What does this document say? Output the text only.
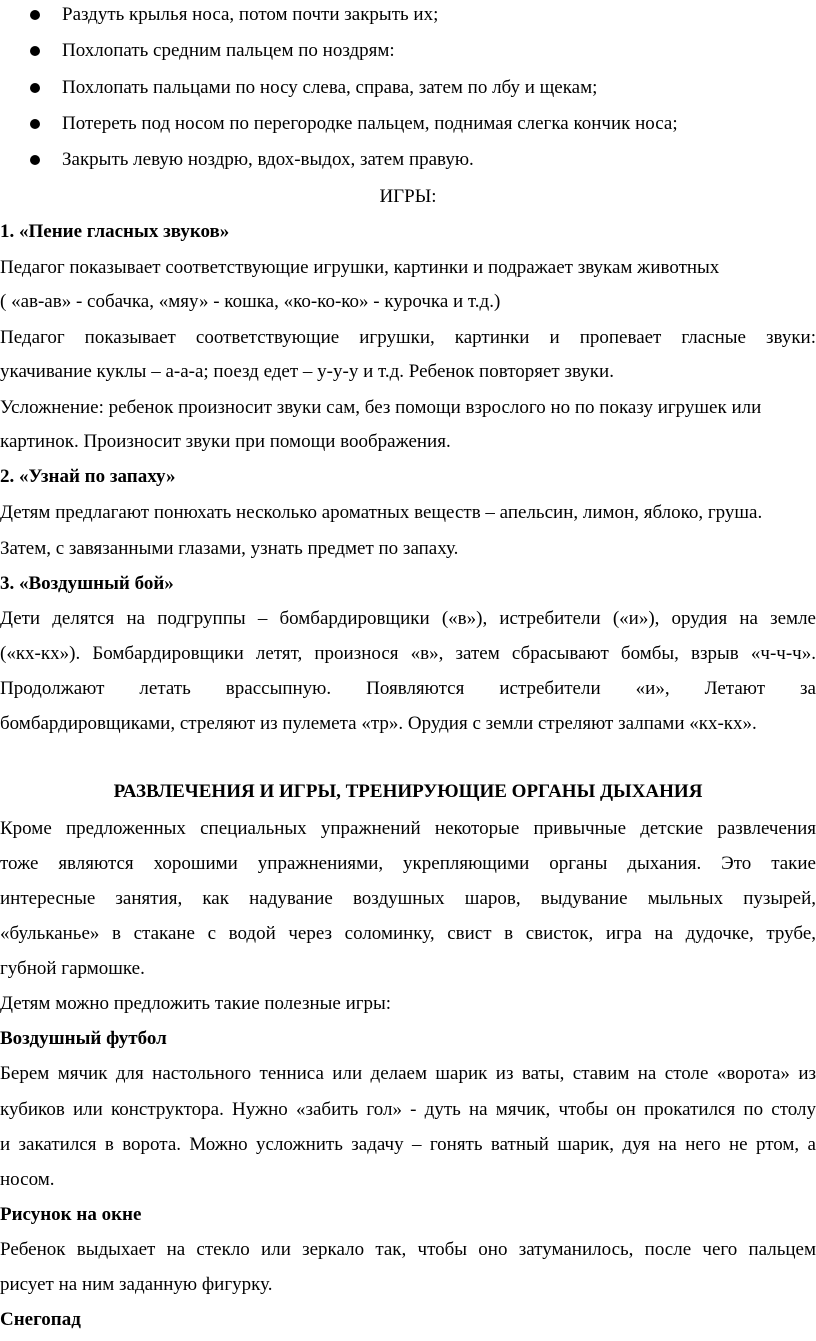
Раздуть крылья носа, потом почти закрыть их;
Похлопать средним пальцем по ноздрям:
Похлопать пальцами по носу слева, справа, затем по лбу и щекам;
Потереть под носом по перегородке пальцем, поднимая слегка кончик носа;
Закрыть левую ноздрю, вдох-выдох, затем правую.
ИГРЫ:
1. «Пение гласных звуков»
Педагог показывает соответствующие игрушки, картинки и подражает звукам животных
( «ав-ав» - собачка, «мяу» - кошка, «ко-ко-ко» - курочка и т.д.)
Педагог показывает соответствующие игрушки, картинки и пропевает гласные звуки:
укачивание куклы – а-а-а; поезд едет – у-у-у и т.д. Ребенок повторяет звуки.
Усложнение: ребенок произносит звуки сам, без помощи взрослого но по показу игрушек или
картинок. Произносит звуки при помощи воображения.
2. «Узнай по запаху»
Детям предлагают понюхать несколько ароматных веществ – апельсин, лимон, яблоко, груша.
Затем, с завязанными глазами, узнать предмет по запаху.
3. «Воздушный бой»
Дети делятся на подгруппы – бомбардировщики («в»), истребители («и»), орудия на земле
(«кх-кх»). Бомбардировщики летят, произнося «в», затем сбрасывают бомбы, взрыв «ч-ч-ч».
Продолжают летать врассыпную. Появляются истребители «и», Летают за
бомбардировщиками, стреляют из пулемета «тр». Орудия с земли стреляют залпами «кх-кх».
РАЗВЛЕЧЕНИЯ И ИГРЫ, ТРЕНИРУЮЩИЕ ОРГАНЫ ДЫХАНИЯ
Кроме предложенных специальных упражнений некоторые привычные детские развлечения
тоже являются хорошими упражнениями, укрепляющими органы дыхания. Это такие
интересные занятия, как надувание воздушных шаров, выдувание мыльных пузырей,
«бульканье» в стакане с водой через соломинку, свист в свисток, игра на дудочке, трубе,
губной гармошке.
Детям можно предложить такие полезные игры:
Воздушный футбол
Берем мячик для настольного тенниса или делаем шарик из ваты, ставим на столе «ворота» из
кубиков или конструктора. Нужно «забить гол» - дуть на мячик, чтобы он прокатился по столу
и закатился в ворота. Можно усложнить задачу – гонять ватный шарик, дуя на него не ртом, а
носом.
Рисунок на окне
Ребенок выдыхает на стекло или зеркало так, чтобы оно затуманилось, после чего пальцем
рисует на ним заданную фигурку.
Снегопад
